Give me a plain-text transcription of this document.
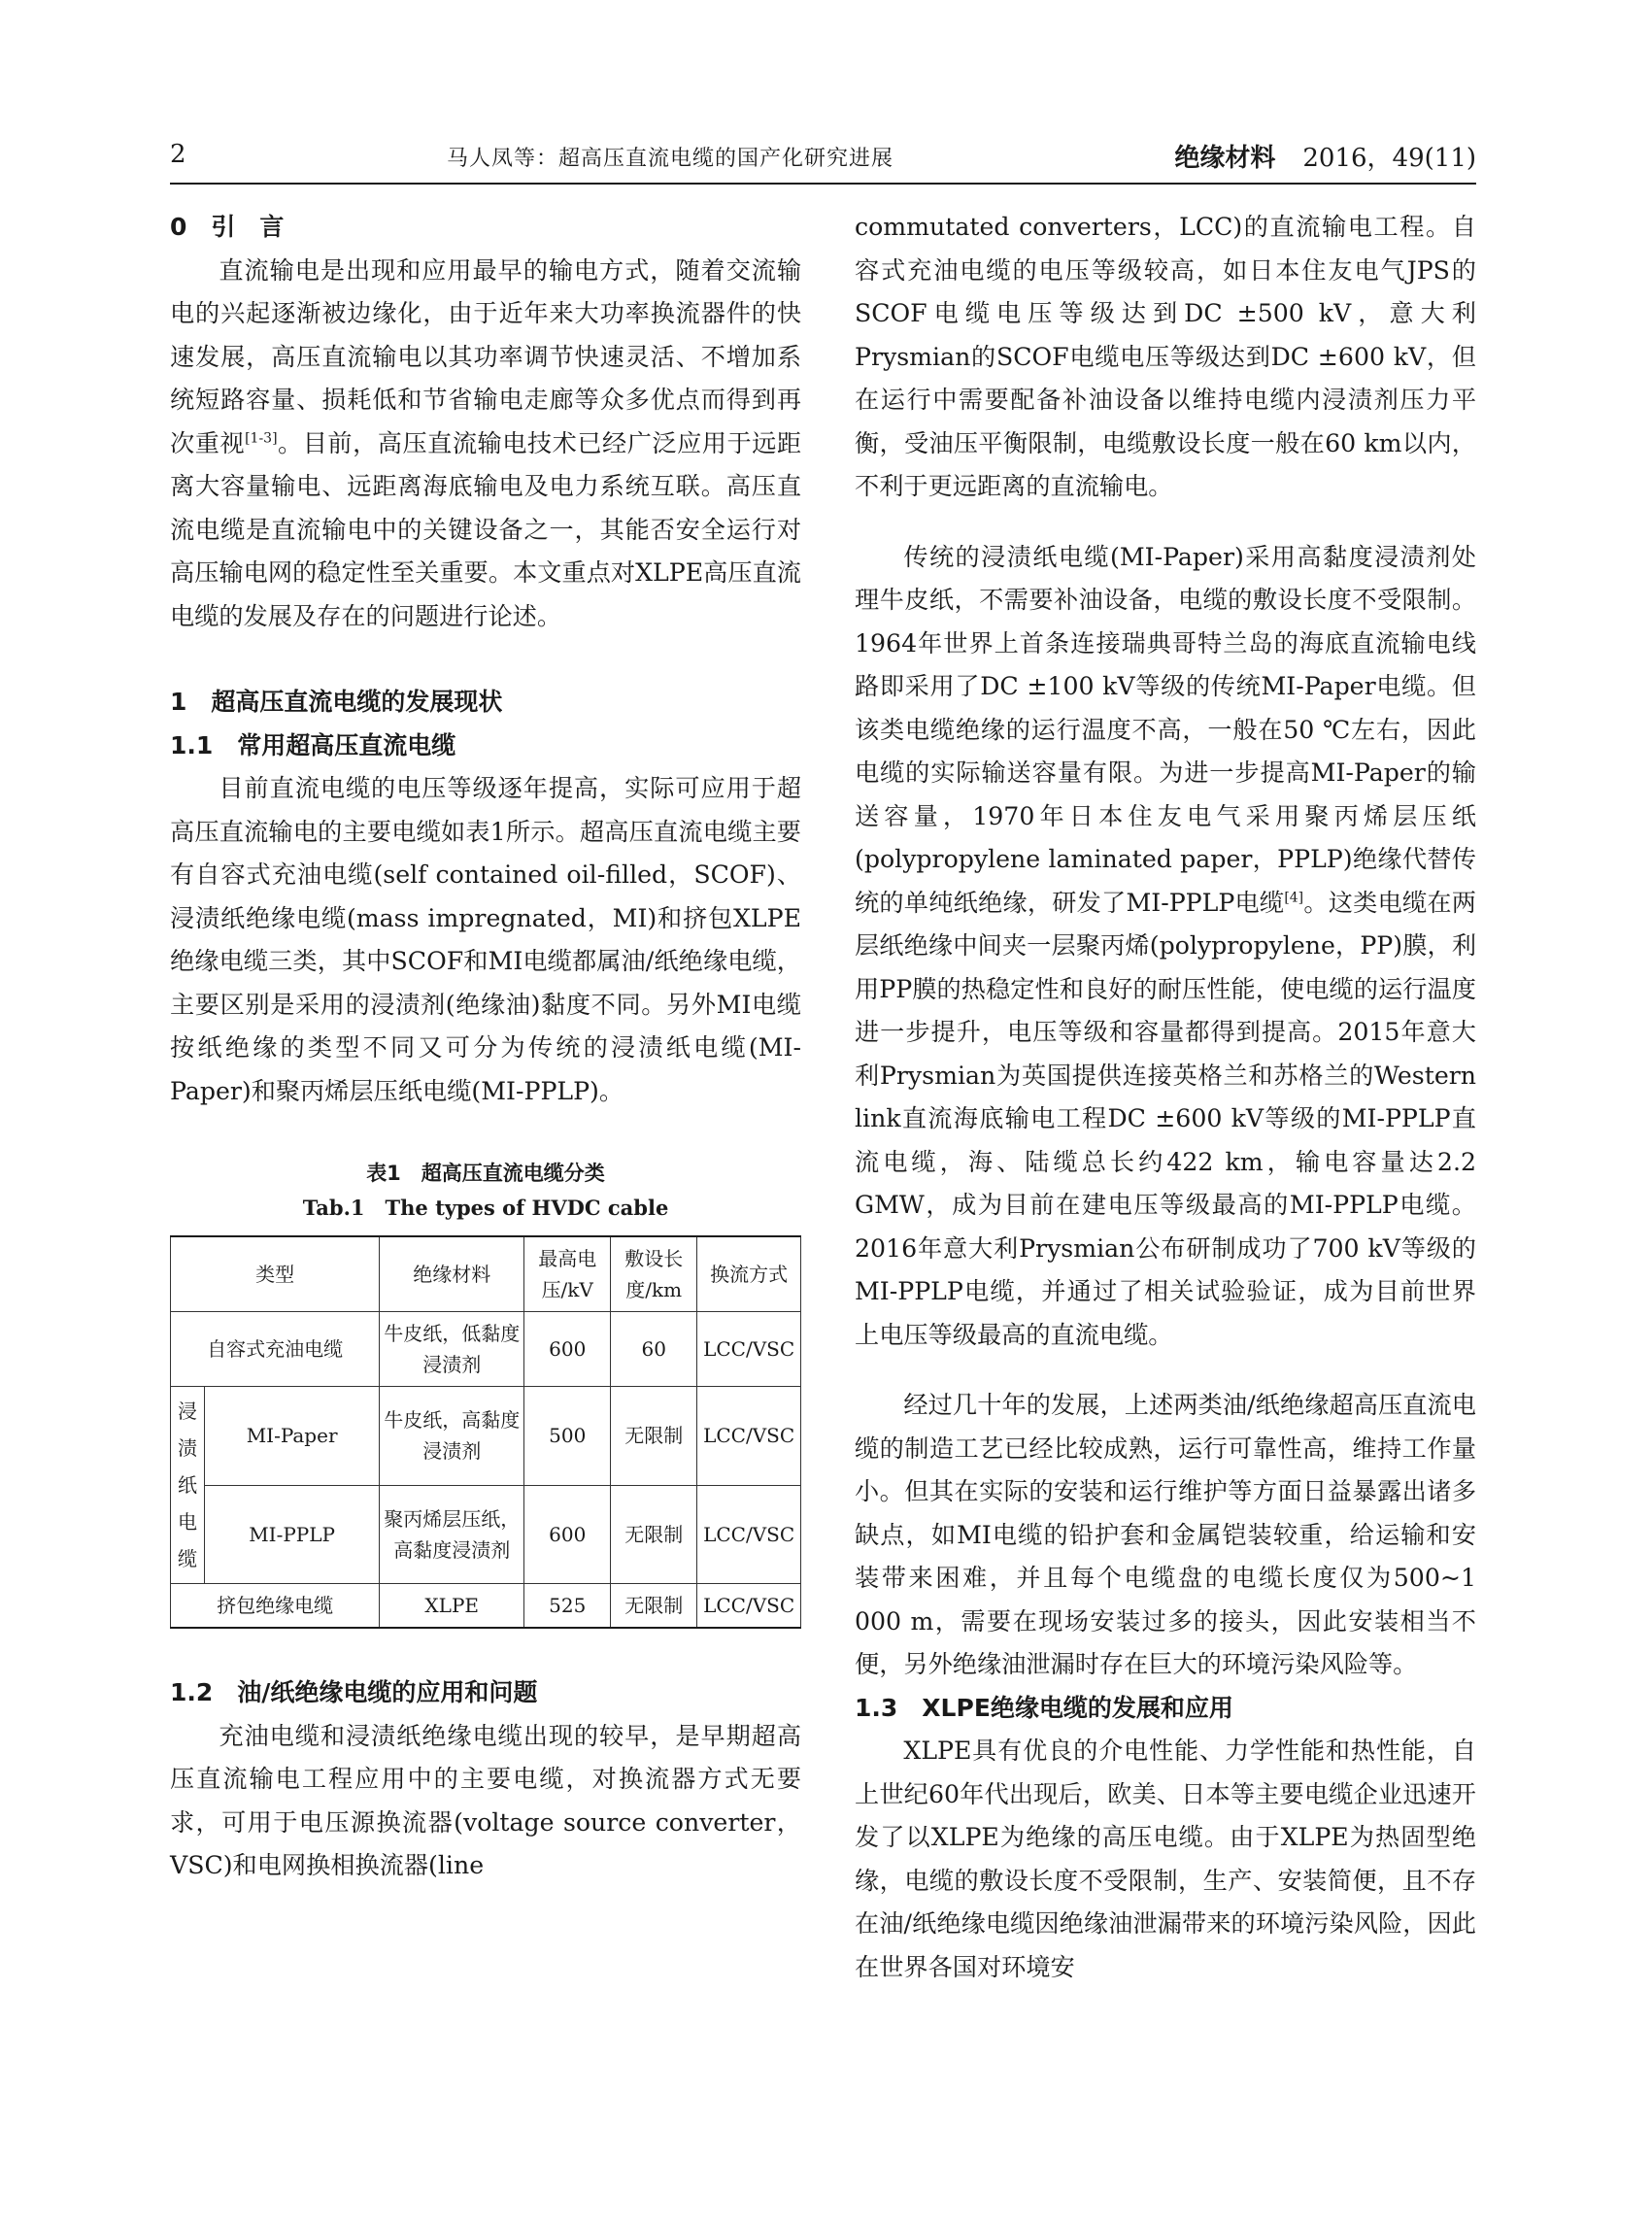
2	马人凤等：超高压直流电缆的国产化研究进展	绝缘材料 2016，49(11)

0　引　言

直流输电是出现和应用最早的输电方式，随着交流输电的兴起逐渐被边缘化，由于近年来大功率换流器件的快速发展，高压直流输电以其功率调节快速灵活、不增加系统短路容量、损耗低和节省输电走廊等众多优点而得到再次重视[1-3]。目前，高压直流输电技术已经广泛应用于远距离大容量输电、远距离海底输电及电力系统互联。高压直流电缆是直流输电中的关键设备之一，其能否安全运行对高压输电网的稳定性至关重要。本文重点对XLPE高压直流电缆的发展及存在的问题进行论述。

1　超高压直流电缆的发展现状

1.1　常用超高压直流电缆

目前直流电缆的电压等级逐年提高，实际可应用于超高压直流输电的主要电缆如表1所示。超高压直流电缆主要有自容式充油电缆(self contained oil-filled，SCOF)、浸渍纸绝缘电缆(mass impregnated，MI)和挤包XLPE绝缘电缆三类，其中SCOF和MI电缆都属油/纸绝缘电缆，主要区别是采用的浸渍剂(绝缘油)黏度不同。另外MI电缆按纸绝缘的类型不同又可分为传统的浸渍纸电缆(MI-Paper)和聚丙烯层压纸电缆(MI-PPLP)。

表1　超高压直流电缆分类
Tab.1　The types of HVDC cable
类型		绝缘材料	最高电压/kV	敷设长度/km	换流方式
自容式充油电缆		牛皮纸，低黏度浸渍剂	600	60	LCC/VSC
浸渍纸电缆	MI-Paper	牛皮纸，高黏度浸渍剂	500	无限制	LCC/VSC
	MI-PPLP	聚丙烯层压纸，高黏度浸渍剂	600	无限制	LCC/VSC
挤包绝缘电缆		XLPE	525	无限制	LCC/VSC

1.2　油/纸绝缘电缆的应用和问题

充油电缆和浸渍纸绝缘电缆出现的较早，是早期超高压直流输电工程应用中的主要电缆，对换流器方式无要求，可用于电压源换流器(voltage source converter，VSC)和电网换相换流器(line

commutated converters，LCC)的直流输电工程。自容式充油电缆的电压等级较高，如日本住友电气JPS的SCOF电缆电压等级达到DC ±500 kV，意大利Prysmian的SCOF电缆电压等级达到DC ±600 kV，但在运行中需要配备补油设备以维持电缆内浸渍剂压力平衡，受油压平衡限制，电缆敷设长度一般在60 km以内，不利于更远距离的直流输电。

传统的浸渍纸电缆(MI-Paper)采用高黏度浸渍剂处理牛皮纸，不需要补油设备，电缆的敷设长度不受限制。1964年世界上首条连接瑞典哥特兰岛的海底直流输电线路即采用了DC ±100 kV等级的传统MI-Paper电缆。但该类电缆绝缘的运行温度不高，一般在50 ℃左右，因此电缆的实际输送容量有限。为进一步提高MI-Paper的输送容量，1970年日本住友电气采用聚丙烯层压纸(polypropylene laminated paper，PPLP)绝缘代替传统的单纯纸绝缘，研发了MI-PPLP电缆[4]。这类电缆在两层纸绝缘中间夹一层聚丙烯(polypropylene，PP)膜，利用PP膜的热稳定性和良好的耐压性能，使电缆的运行温度进一步提升，电压等级和容量都得到提高。2015年意大利Prysmian为英国提供连接英格兰和苏格兰的Western link直流海底输电工程DC ±600 kV等级的MI-PPLP直流电缆，海、陆缆总长约422 km，输电容量达2.2 GMW，成为目前在建电压等级最高的MI-PPLP电缆。2016年意大利Prysmian公布研制成功了700 kV等级的MI-PPLP电缆，并通过了相关试验验证，成为目前世界上电压等级最高的直流电缆。

经过几十年的发展，上述两类油/纸绝缘超高压直流电缆的制造工艺已经比较成熟，运行可靠性高，维持工作量小。但其在实际的安装和运行维护等方面日益暴露出诸多缺点，如MI电缆的铅护套和金属铠装较重，给运输和安装带来困难，并且每个电缆盘的电缆长度仅为500~1 000 m，需要在现场安装过多的接头，因此安装相当不便，另外绝缘油泄漏时存在巨大的环境污染风险等。

1.3　XLPE绝缘电缆的发展和应用

XLPE具有优良的介电性能、力学性能和热性能，自上世纪60年代出现后，欧美、日本等主要电缆企业迅速开发了以XLPE为绝缘的高压电缆。由于XLPE为热固型绝缘，电缆的敷设长度不受限制，生产、安装简便，且不存在油/纸绝缘电缆因绝缘油泄漏带来的环境污染风险，因此在世界各国对环境安
